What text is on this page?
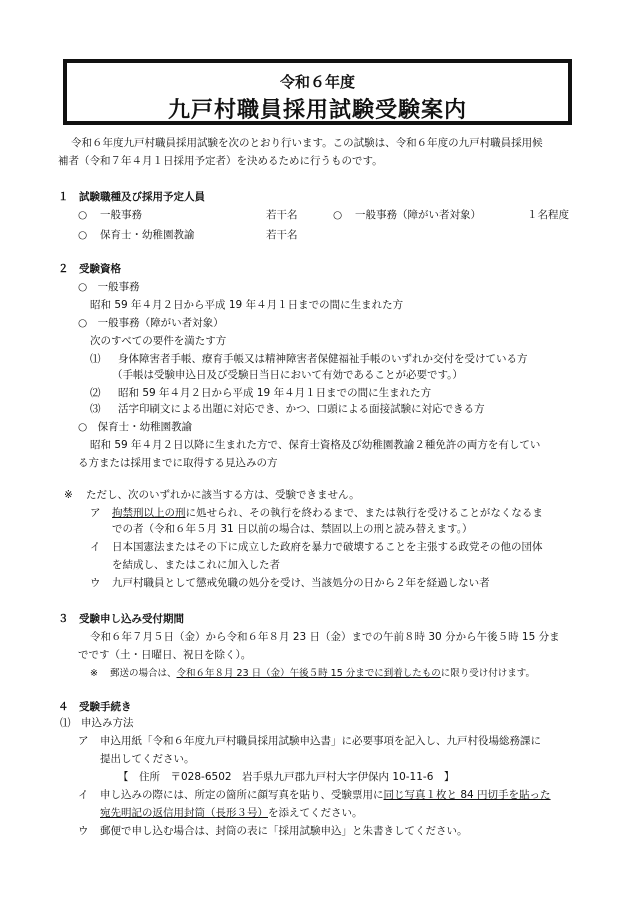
令和６年度
九戸村職員採用試験受験案内
令和６年度九戸村職員採用試験を次のとおり行います。この試験は、令和６年度の九戸村職員採用候
補者（令和７年４月１日採用予定者）を決めるために行うものです。
１　試験職種及び採用予定人員
○ 一般事務	若干名	○ 一般事務（障がい者対象）	１名程度
○ 保育士・幼稚園教諭	若干名
２　受験資格
○　一般事務
昭和 59 年４月２日から平成 19 年４月１日までの間に生まれた方
○　一般事務（障がい者対象）
次のすべての要件を満たす方
⑴ 身体障害者手帳、療育手帳又は精神障害者保健福祉手帳のいずれか交付を受けている方
（手帳は受験申込日及び受験日当日において有効であることが必要です。）
⑵ 昭和 59 年４月２日から平成 19 年４月１日までの間に生まれた方
⑶ 活字印刷文による出題に対応でき、かつ、口頭による面接試験に対応できる方
○　保育士・幼稚園教諭
昭和 59 年４月２日以降に生まれた方で、保育士資格及び幼稚園教諭２種免許の両方を有してい
る方または採用までに取得する見込みの方
※ ただし、次のいずれかに該当する方は、受験できません。
ア 拘禁刑以上の刑に処せられ、その執行を終わるまで、または執行を受けることがなくなるま
での者（令和６年５月 31 日以前の場合は、禁固以上の刑と読み替えます。）
イ 日本国憲法またはその下に成立した政府を暴力で破壊することを主張する政党その他の団体
を結成し、またはこれに加入した者
ウ 九戸村職員として懲戒免職の処分を受け、当該処分の日から２年を経過しない者
３　受験申し込み受付期間
令和６年７月５日（金）から令和６年８月 23 日（金）までの午前８時 30 分から午後５時 15 分ま
でです（土・日曜日、祝日を除く）。
※ 郵送の場合は、令和６年８月 23 日（金）午後５時 15 分までに到着したものに限り受け付けます。
４　受験手続き
⑴　申込み方法
ア 申込用紙「令和６年度九戸村職員採用試験申込書」に必要事項を記入し、九戸村役場総務課に
提出してください。
【　住所　〒028-6502　岩手県九戸郡九戸村大字伊保内 10-11-6　】
イ 申し込みの際には、所定の箇所に顔写真を貼り、受験票用に同じ写真１枚と 84 円切手を貼った
宛先明記の返信用封筒（長形３号）を添えてください。
ウ 郵便で申し込む場合は、封筒の表に「採用試験申込」と朱書きしてください。
